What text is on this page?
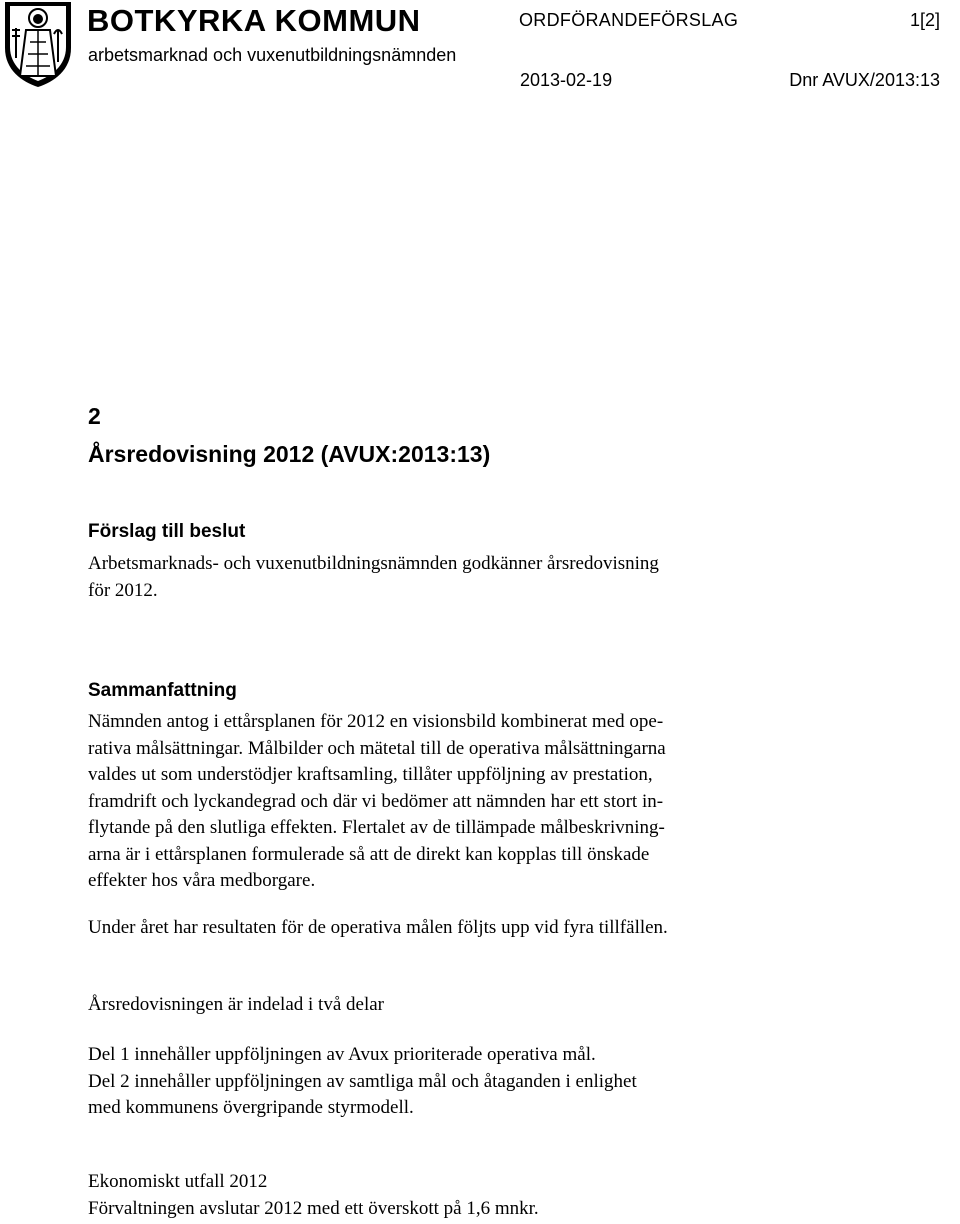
BOTKYRKA KOMMUN
arbetsmarknad och vuxenutbildningsnämnden
ORDFÖRANDEFÖRSLAG	1[2]
2013-02-19	Dnr AVUX/2013:13
2
Årsredovisning 2012 (AVUX:2013:13)
Förslag till beslut
Arbetsmarknads- och vuxenutbildningsnämnden godkänner årsredovisning
för 2012.
Sammanfattning
Nämnden antog i ettårsplanen för 2012 en visionsbild kombinerat med ope-
rativa målsättningar. Målbilder och mätetal till de operativa målsättningarna
valdes ut som understödjer kraftsamling, tillåter uppföljning av prestation,
framdrift och lyckandegrad och där vi bedömer att nämnden har ett stort in-
flytande på den slutliga effekten. Flertalet av de tillämpade målbeskrivning-
arna är i ettårsplanen formulerade så att de direkt kan kopplas till önskade
effekter hos våra medborgare.
Under året har resultaten för de operativa målen följts upp vid fyra tillfällen.
Årsredovisningen är indelad i två delar
Del 1 innehåller uppföljningen av Avux prioriterade operativa mål.
Del 2 innehåller uppföljningen av samtliga mål och åtaganden i enlighet
med kommunens övergripande styrmodell.
Ekonomiskt utfall 2012
Förvaltningen avslutar 2012 med ett överskott på 1,6 mnkr.
